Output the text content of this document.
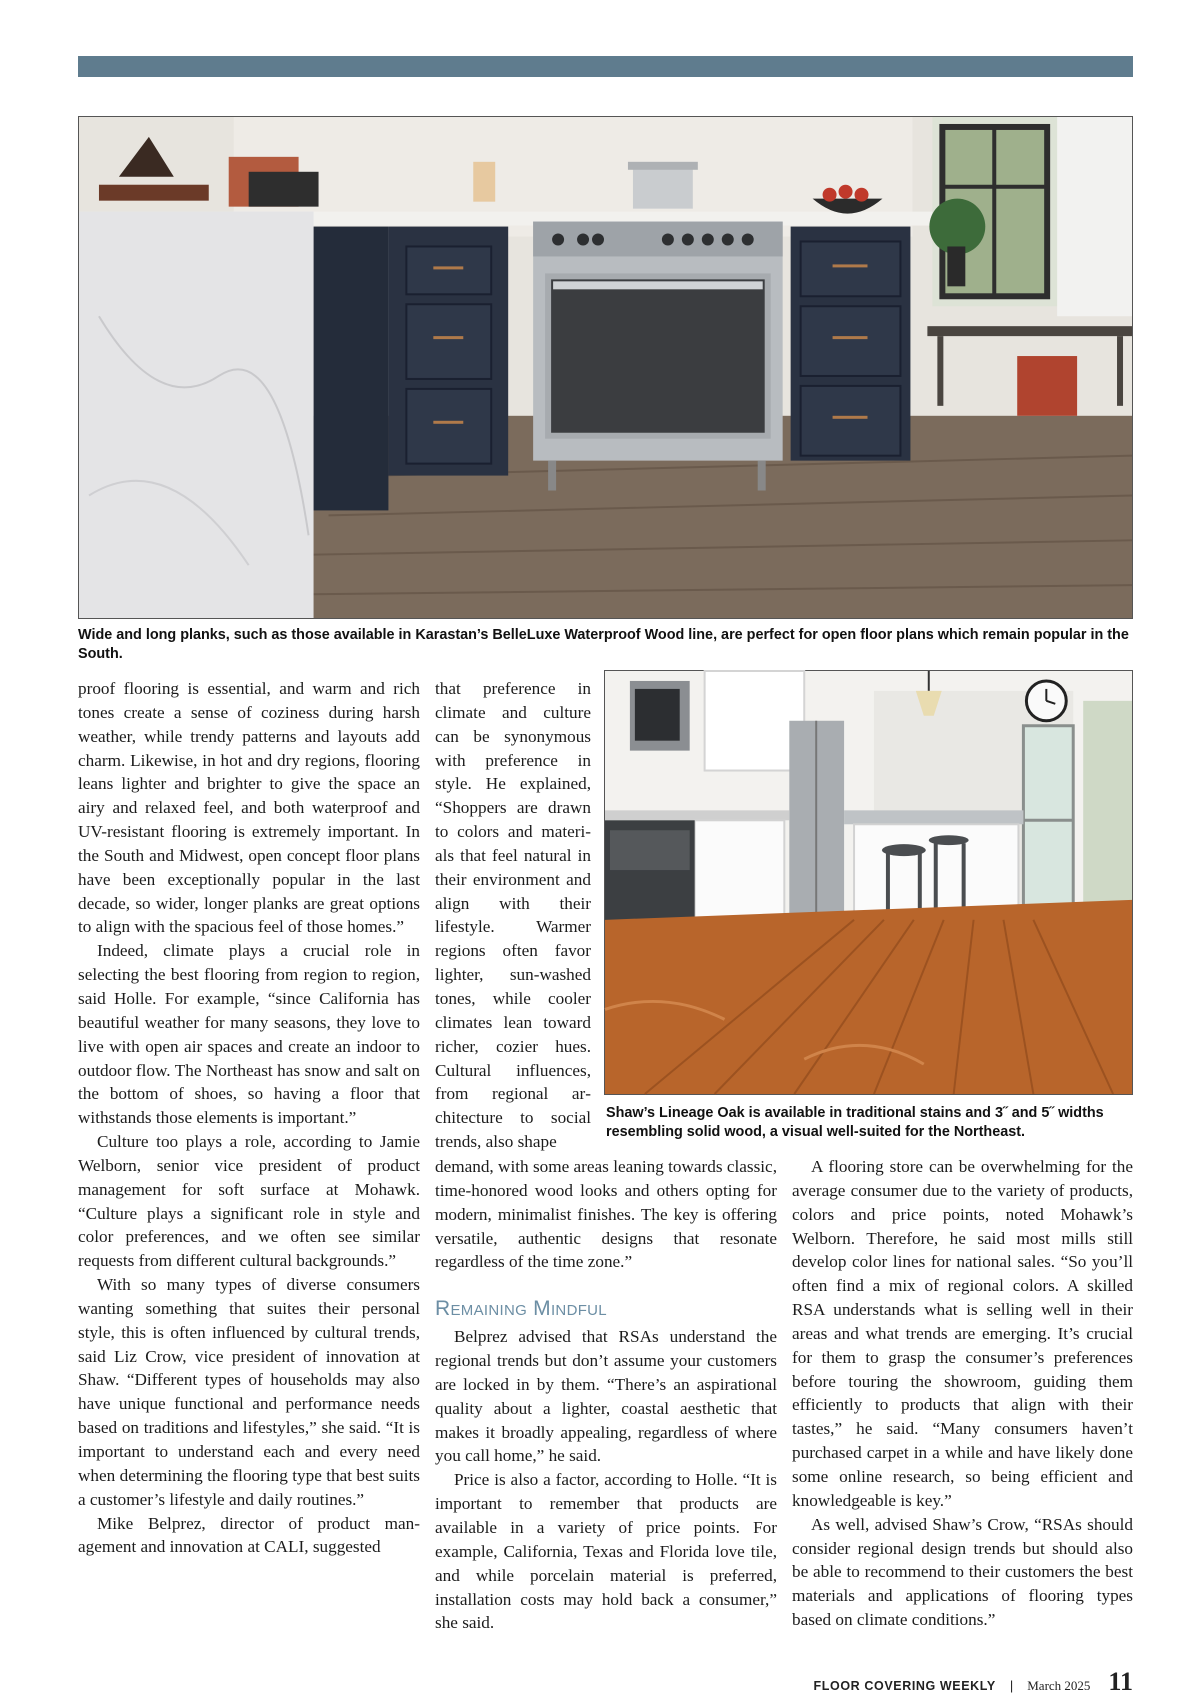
Wide and long planks, such as those available in Karastan’s BelleLuxe Waterproof Wood line, are perfect for open floor plans which remain popular in the South.
Shaw’s Lineage Oak is available in traditional stains and 3˝ and 5˝ widths resembling solid wood, a visual well-suited for the Northeast.

proof flooring is essential, and warm and rich tones create a sense of coziness during harsh weather, while trendy patterns and layouts add charm. Likewise, in hot and dry regions, flooring leans lighter and brighter to give the space an airy and relaxed feel, and both waterproof and UV-resistant flooring is extremely important. In the South and Midwest, open concept floor plans have been exceptionally popular in the last decade, so wider, longer planks are great options to align with the spacious feel of those homes.”

Indeed, climate plays a crucial role in selecting the best flooring from region to region, said Holle. For example, “since California has beautiful weather for many seasons, they love to live with open air spaces and create an indoor to outdoor flow. The Northeast has snow and salt on the bottom of shoes, so having a floor that withstands those elements is important.”

Culture too plays a role, according to Jamie Welborn, senior vice president of product management for soft surface at Mohawk. “Culture plays a significant role in style and color preferences, and we often see similar requests from different cultural backgrounds.”

With so many types of diverse consumers wanting something that suites their personal style, this is often influenced by cultural trends, said Liz Crow, vice president of innovation at Shaw. “Different types of households may also have unique functional and performance needs based on traditions and lifestyles,” she said. “It is important to understand each and every need when determining the flooring type that best suits a customer’s lifestyle and daily routines.”

Mike Belprez, director of product management and innovation at CALI, suggested

that preference in climate and culture can be synonymous with preference in style. He explained, “Shoppers are drawn to colors and materials that feel natural in their environment and align with their lifestyle. Warmer regions often favor lighter, sun-washed tones, while cooler climates lean toward richer, cozier hues. Cultural influences, from regional architecture to social trends, also shape

demand, with some areas leaning towards classic, time-honored wood looks and others opting for modern, minimalist finishes. The key is offering versatile, authentic designs that resonate regardless of the time zone.”

Remaining Mindful

Belprez advised that RSAs understand the regional trends but don’t assume your customers are locked in by them. “There’s an aspirational quality about a lighter, coastal aesthetic that makes it broadly appealing, regardless of where you call home,” he said.

Price is also a factor, according to Holle. “It is important to remember that products are available in a variety of price points. For example, California, Texas and Florida love tile, and while porcelain material is preferred, installation costs may hold back a consumer,” she said.

A flooring store can be overwhelming for the average consumer due to the variety of products, colors and price points, noted Mohawk’s Welborn. Therefore, he said most mills still develop color lines for national sales. “So you’ll often find a mix of regional colors. A skilled RSA understands what is selling well in their areas and what trends are emerging. It’s crucial for them to grasp the consumer’s preferences before touring the showroom, guiding them efficiently to products that align with their tastes,” he said. “Many consumers haven’t purchased carpet in a while and have likely done some online research, so being efficient and knowledgeable is key.”

As well, advised Shaw’s Crow, “RSAs should consider regional design trends but should also be able to recommend to their customers the best materials and applications of flooring types based on climate conditions.”

FLOOR COVERING WEEKLY	|	March 2025 11
